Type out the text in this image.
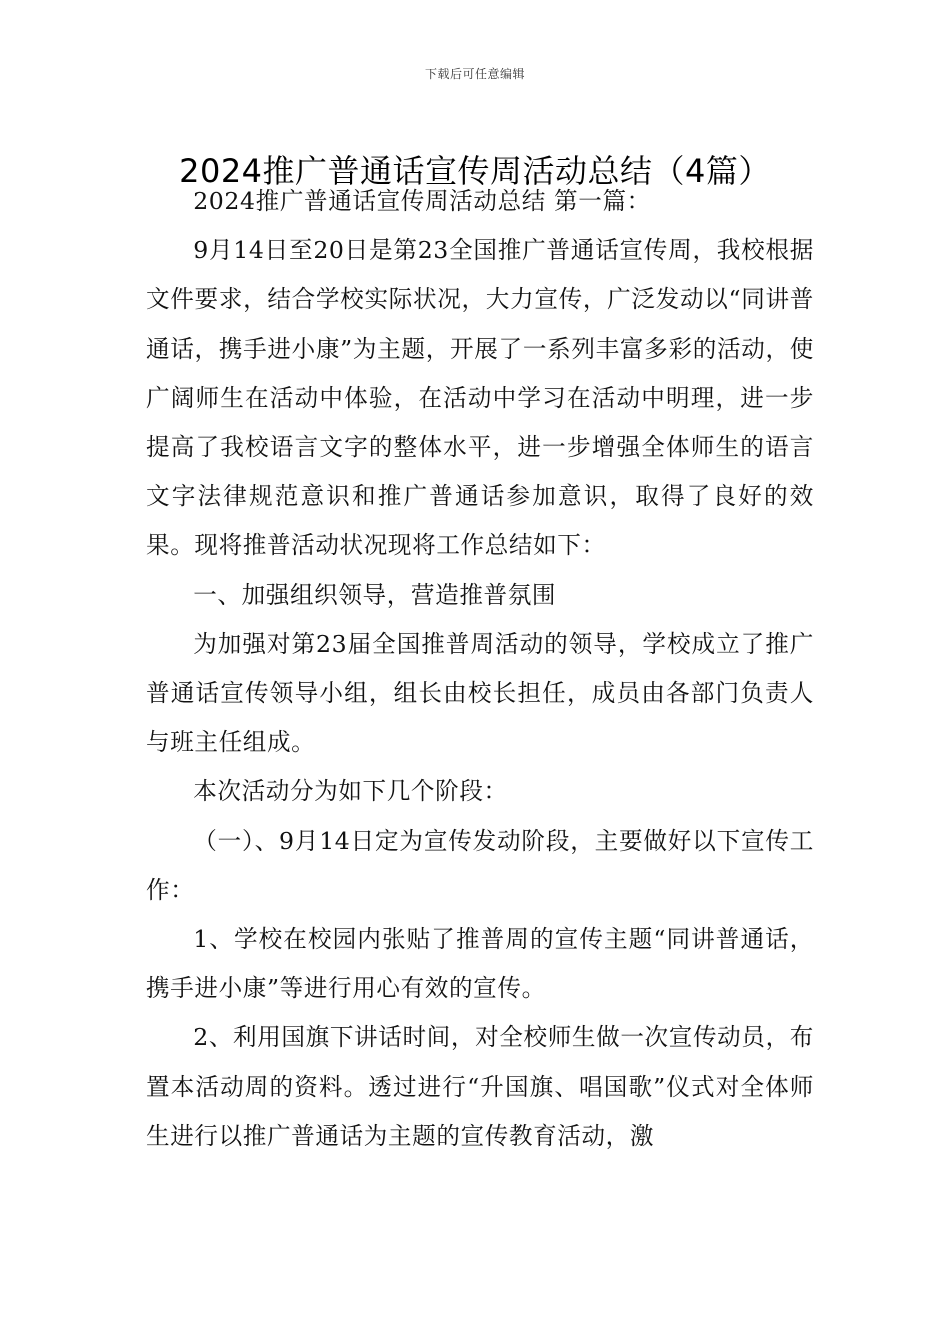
下载后可任意编辑
2024推广普通话宣传周活动总结（4篇）

2024推广普通话宣传周活动总结 第一篇：

9月14日至20日是第23全国推广普通话宣传周，我校根据文件要求，结合学校实际状况，大力宣传，广泛发动以“同讲普通话，携手进小康”为主题，开展了一系列丰富多彩的活动，使广阔师生在活动中体验，在活动中学习在活动中明理，进一步提高了我校语言文字的整体水平，进一步增强全体师生的语言文字法律规范意识和推广普通话参加意识，取得了良好的效果。现将推普活动状况现将工作总结如下：

一、加强组织领导，营造推普氛围

为加强对第23届全国推普周活动的领导，学校成立了推广普通话宣传领导小组，组长由校长担任，成员由各部门负责人与班主任组成。

本次活动分为如下几个阶段：

（一）、9月14日定为宣传发动阶段，主要做好以下宣传工作：

1、学校在校园内张贴了推普周的宣传主题“同讲普通话，携手进小康”等进行用心有效的宣传。

2、利用国旗下讲话时间，对全校师生做一次宣传动员，布置本活动周的资料。透过进行“升国旗、唱国歌”仪式对全体师生进行以推广普通话为主题的宣传教育活动，激
